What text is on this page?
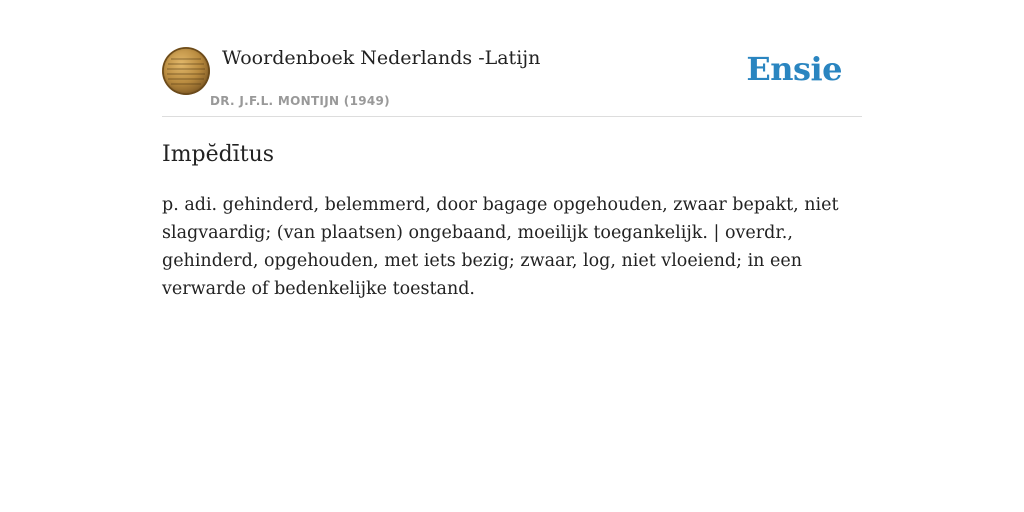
Woordenboek Nederlands -Latijn
DR. J.F.L. MONTIJN (1949)
Ensie
Impĕdītus

p. adi. gehinderd, belemmerd, door bagage opgehouden, zwaar bepakt, niet slagvaardig; (van plaatsen) ongebaand, moeilijk toegankelijk. | overdr., gehinderd, opgehouden, met iets bezig; zwaar, log, niet vloeiend; in een verwarde of bedenkelijke toestand.
